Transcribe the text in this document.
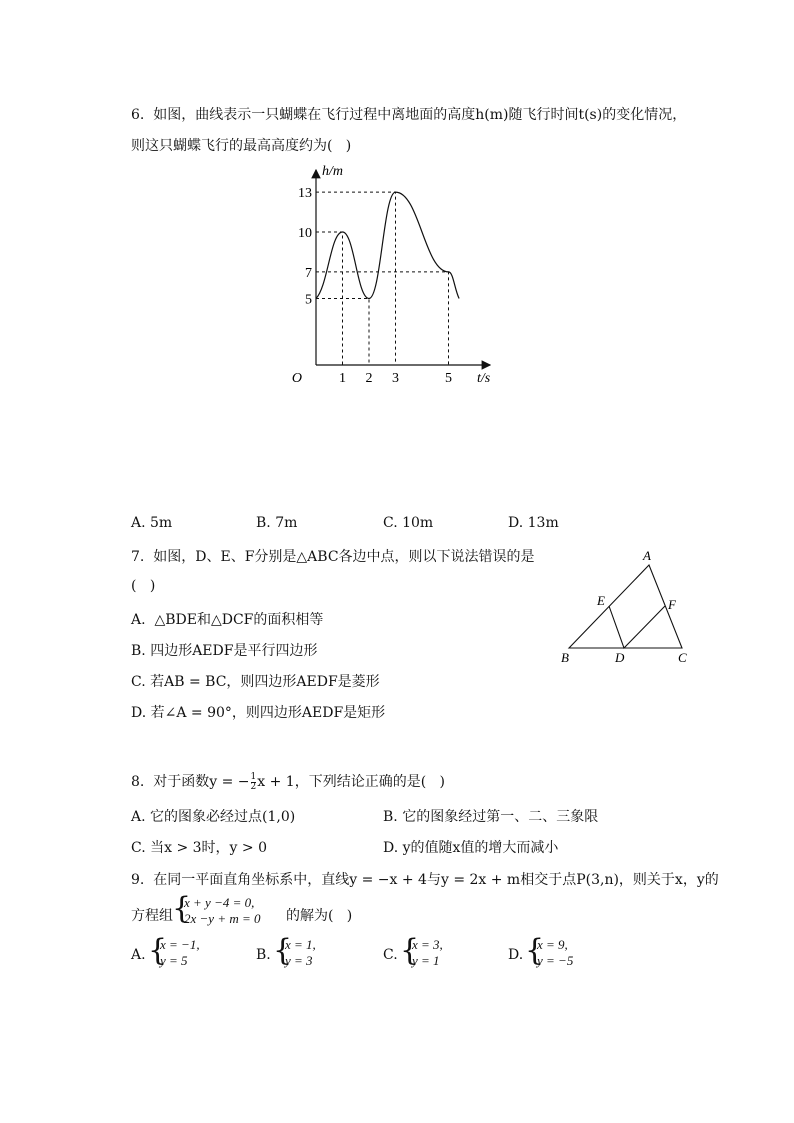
6.  如图，曲线表示一只蝴蝶在飞行过程中离地面的高度h(m)随飞行时间t(s)的变化情况，
则这只蝴蝶飞行的最高高度约为(   )
1 2 3	5
13
10
7
5
O	t/s
h/m
A. 5m	B. 7m	C. 10m	D. 13m
7.  如图，D、E、F分别是△ABC各边中点，则以下说法错误的是
(   )
A.  △BDE和△DCF的面积相等
B. 四边形AEDF是平行四边形
C. 若AB = BC，则四边形AEDF是菱形
D. 若∠A = 90°，则四边形AEDF是矩形
A
E	F
B	D	C
8.  对于函数y = − $\frac{1}{2}$ x + 1，下列结论正确的是(   )
A. 它的图象必经过点(1,0)	B. 它的图象经过第一、二、三象限
C. 当x > 3时，y > 0	D. y的值随x值的增大而减小
9.  在同一平面直角坐标系中，直线y = −x + 4与y = 2x + m相交于点P(3,n)，则关于x，y的
方程组 {
x + y −4 = 0,
2x −y + m = 0 的解为(   )
A. {
x = −1,
y = 5	B. {
x = 1,
y = 3	C. {
x = 3,
y = 1	D. {
x = 9,
y = −5
